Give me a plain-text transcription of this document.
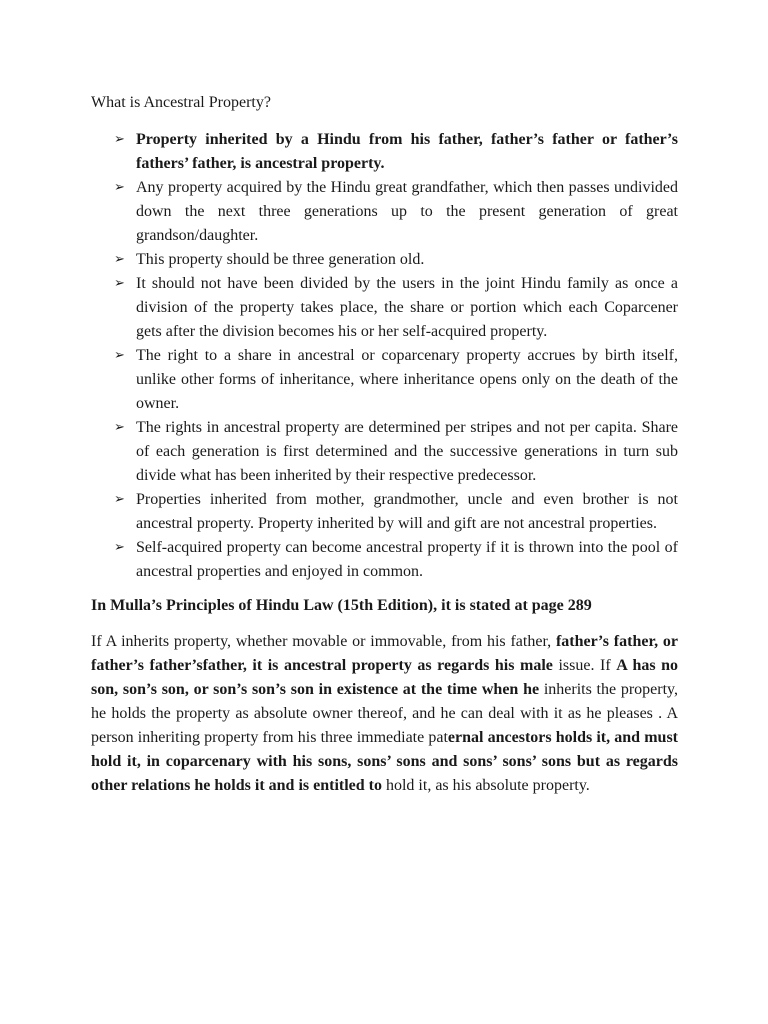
What is Ancestral Property?
➢ Property inherited by a Hindu from his father, father’s father or father’s fathers’ father, is ancestral property.
➢ Any property acquired by the Hindu great grandfather, which then passes undivided down the next three generations up to the present generation of great grandson/daughter.
➢ This property should be three generation old.
➢ It should not have been divided by the users in the joint Hindu family as once a division of the property takes place, the share or portion which each Coparcener gets after the division becomes his or her self-acquired property.
➢ The right to a share in ancestral or coparcenary property accrues by birth itself, unlike other forms of inheritance, where inheritance opens only on the death of the owner.
➢ The rights in ancestral property are determined per stripes and not per capita. Share of each generation is first determined and the successive generations in turn sub divide what has been inherited by their respective predecessor.
➢ Properties inherited from mother, grandmother, uncle and even brother is not ancestral property. Property inherited by will and gift are not ancestral properties.
➢ Self-acquired property can become ancestral property if it is thrown into the pool of ancestral properties and enjoyed in common.
In Mulla’s Principles of Hindu Law (15th Edition), it is stated at page 289

If A inherits property, whether movable or immovable, from his father, father’s father, or father’s father’sfather, it is ancestral property as regards his male issue. If A has no son, son’s son, or son’s son’s son in existence at the time when he inherits the property, he holds the property as absolute owner thereof, and he can deal with it as he pleases . A person inheriting property from his three immediate paternal ancestors holds it, and must hold it, in coparcenary with his sons, sons’ sons and sons’ sons’ sons but as regards other relations he holds it and is entitled to hold it, as his absolute property.
